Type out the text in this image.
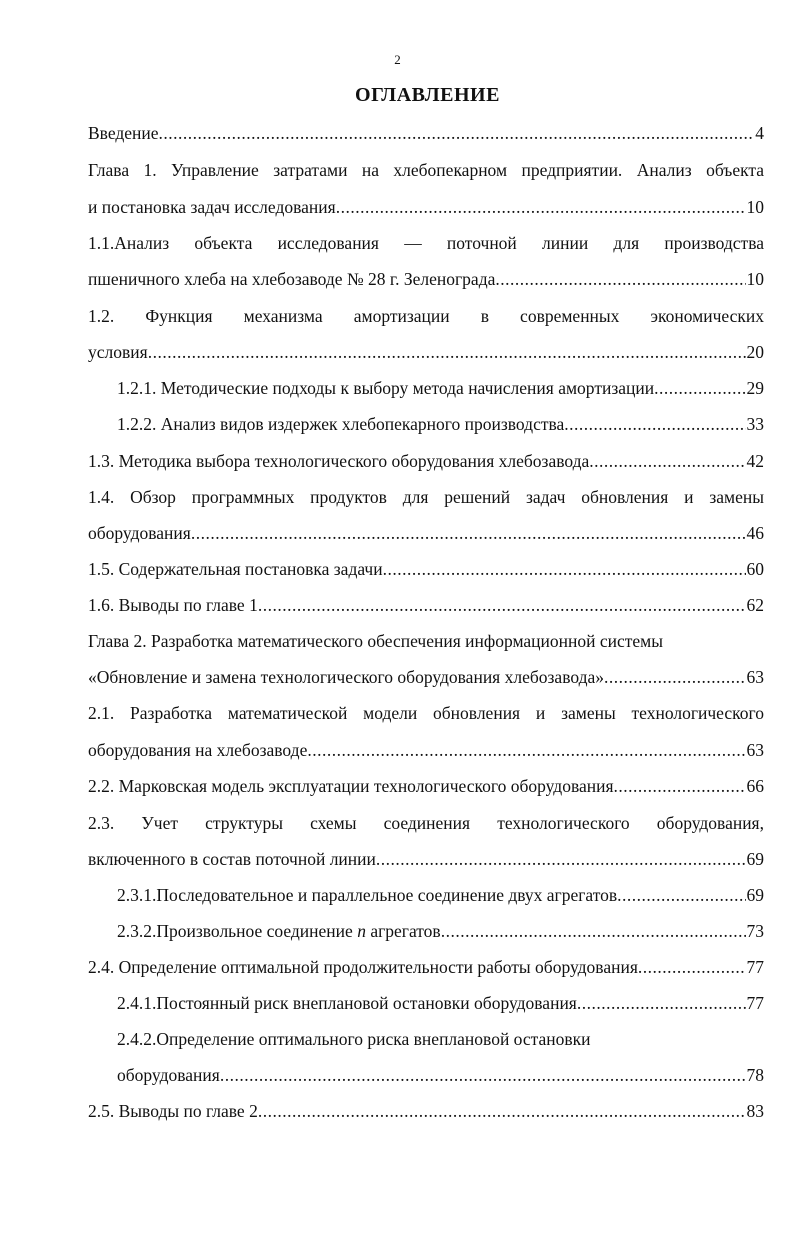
2
ОГЛАВЛЕНИЕ
Введение .....	4
Глава 1. Управление затратами на хлебопекарном предприятии. Анализ объекта
и постановка задач исследования .....	10
1.1.Анализ объекта исследования — поточной линии для производства
пшеничного хлеба на хлебозаводе № 28 г. Зеленограда .....	10
1.2. Функция механизма амортизации в современных экономических
условия .....	20
1.2.1. Методические подходы к выбору метода начисления амортизации .....	29
1.2.2. Анализ видов издержек хлебопекарного производства .....	33
1.3. Методика выбора технологического оборудования хлебозавода .....	42
1.4. Обзор программных продуктов для решений задач обновления и замены
оборудования .....	46
1.5. Содержательная постановка задачи .....	60
1.6. Выводы по главе 1 .....	62
Глава 2. Разработка математического обеспечения информационной системы
«Обновление и замена технологического оборудования хлебозавода» .....	63
2.1. Разработка математической модели обновления и замены технологического
оборудования на хлебозаводе .....	63
2.2. Марковская модель эксплуатации технологического оборудования .....	66
2.3. Учет структуры схемы соединения технологического оборудования,
включенного в состав поточной линии .....	69
2.3.1.Последовательное и параллельное соединение двух агрегатов .....	69
2.3.2.Произвольное соединение n агрегатов .....	73
2.4. Определение оптимальной продолжительности работы оборудования .....	77
2.4.1.Постоянный риск внеплановой остановки оборудования .....	77
2.4.2.Определение оптимального риска внеплановой остановки
оборудования .....	78
2.5. Выводы по главе 2 .....	83
